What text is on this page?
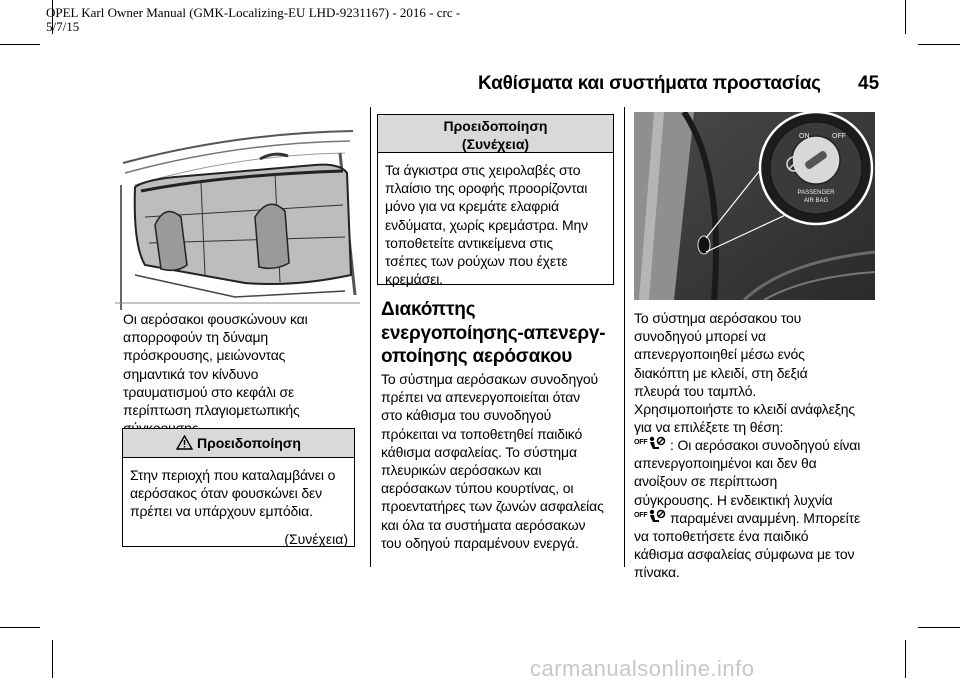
OPEL Karl Owner Manual (GMK-Localizing-EU LHD-9231167) - 2016 - crc -
5/7/15
Καθίσματα και συστήματα προστασίας 45
Οι αερόσακοι φουσκώνουν και
απορροφούν τη δύναμη
πρόσκρουσης, μειώνοντας
σημαντικά τον κίνδυνο
τραυματισμού στο κεφάλι σε
περίπτωση πλαγιομετωπικής
Προειδοποίηση
Στην περιοχή που καταλαμβάνει ο
αερόσακος όταν φουσκώνει δεν
πρέπει να υπάρχουν εμπόδια.
(Συνέχεια)
Προειδοποίηση
(Συνέχεια)
Τα άγκιστρα στις χειρολαβές στο
πλαίσιο της οροφής προορίζονται
μόνο για να κρεμάτε ελαφριά
ενδύματα, χωρίς κρεμάστρα. Μην
τοποθετείτε αντικείμενα στις
τσέπες των ρούχων που έχετε
κρεμάσει.
Διακόπτης
ενεργοποίησης-απενεργ-
οποίησης αερόσακου
Το σύστημα αερόσακων συνοδηγού
πρέπει να απενεργοποιείται όταν
στο κάθισμα του συνοδηγού
πρόκειται να τοποθετηθεί παιδικό
κάθισμα ασφαλείας. Το σύστημα
πλευρικών αερόσακων και
αερόσακων τύπου κουρτίνας, οι
προεντατήρες των ζωνών ασφαλείας
και όλα τα συστήματα αερόσακων
του οδηγού παραμένουν ενεργά.
ON	OFF
PASSENGER
AIR BAG
Το σύστημα αερόσακου του
συνοδηγού μπορεί να
απενεργοποιηθεί μέσω ενός
διακόπτη με κλειδί, στη δεξιά
πλευρά του ταμπλό.
Χρησιμοποιήστε το κλειδί ανάφλεξης
για να επιλέξετε τη θέση:
OFF : Οι αερόσακοι συνοδηγού είναι
απενεργοποιημένοι και δεν θα
ανοίξουν σε περίπτωση
σύγκρουσης. Η ενδεικτική λυχνία
OFF παραμένει αναμμένη. Μπορείτε
να τοποθετήσετε ένα παιδικό
κάθισμα ασφαλείας σύμφωνα με τον
πίνακα.
carmanualsonline.info
